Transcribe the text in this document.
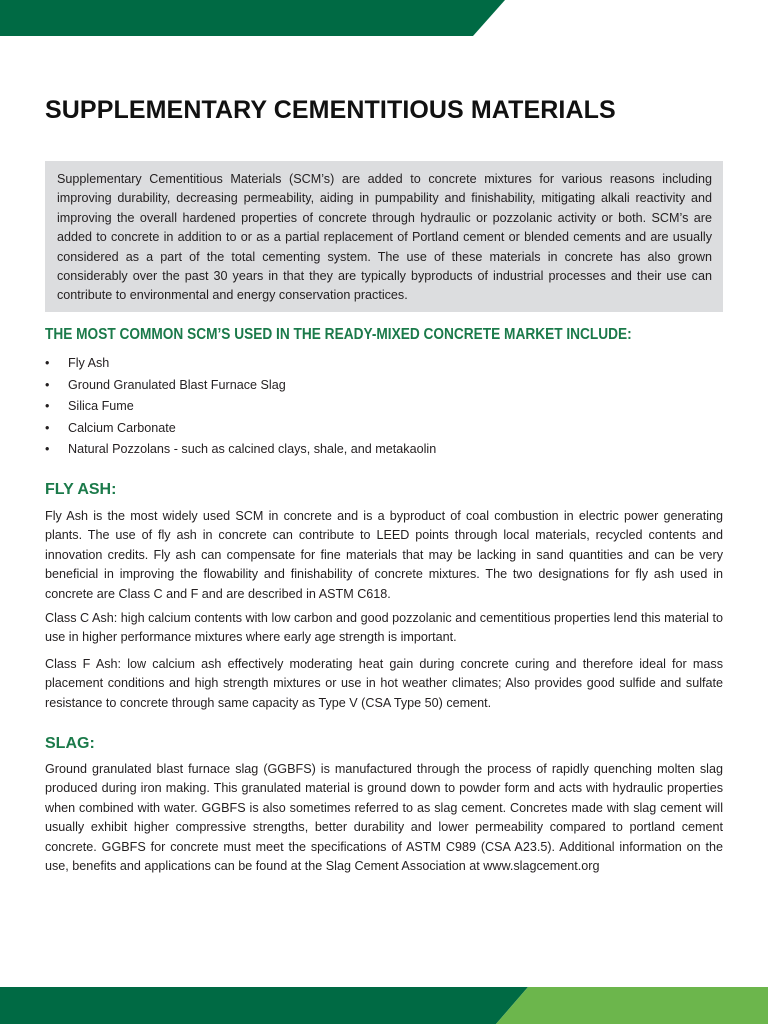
SUPPLEMENTARY CEMENTITIOUS MATERIALS

Supplementary Cementitious Materials (SCM’s) are added to concrete mixtures for various reasons including improving durability, decreasing permeability, aiding in pumpability and finishability, mitigating alkali reactivity and improving the overall hardened properties of concrete through hydraulic or pozzolanic activity or both. SCM’s are added to concrete in addition to or as a partial replacement of Portland cement or blended cements and are usually considered as a part of the total cementing system. The use of these materials in concrete has also grown considerably over the past 30 years in that they are typically byproducts of industrial processes and their use can contribute to environmental and energy conservation practices.

THE MOST COMMON SCM’S USED IN THE READY-MIXED CONCRETE MARKET INCLUDE:
• Fly Ash
• Ground Granulated Blast Furnace Slag
• Silica Fume
• Calcium Carbonate
• Natural Pozzolans - such as calcined clays, shale, and metakaolin
FLY ASH:

Fly Ash is the most widely used SCM in concrete and is a byproduct of coal combustion in electric power generating plants. The use of fly ash in concrete can contribute to LEED points through local materials, recycled contents and innovation credits. Fly ash can compensate for fine materials that may be lacking in sand quantities and can be very beneficial in improving the flowability and finishability of concrete mixtures. The two designations for fly ash used in concrete are Class C and F and are described in ASTM C618.

Class C Ash: high calcium contents with low carbon and good pozzolanic and cementitious properties lend this material to use in higher performance mixtures where early age strength is important.

Class F Ash: low calcium ash effectively moderating heat gain during concrete curing and therefore ideal for mass placement conditions and high strength mixtures or use in hot weather climates; Also provides good sulfide and sulfate resistance to concrete through same capacity as Type V (CSA Type 50) cement.

SLAG:

Ground granulated blast furnace slag (GGBFS) is manufactured through the process of rapidly quenching molten slag produced during iron making. This granulated material is ground down to powder form and acts with hydraulic properties when combined with water. GGBFS is also sometimes referred to as slag cement. Concretes made with slag cement will usually exhibit higher compressive strengths, better durability and lower permeability compared to portland cement concrete. GGBFS for concrete must meet the specifications of ASTM C989 (CSA A23.5). Additional information on the use, benefits and applications can be found at the Slag Cement Association at www.slagcement.org
